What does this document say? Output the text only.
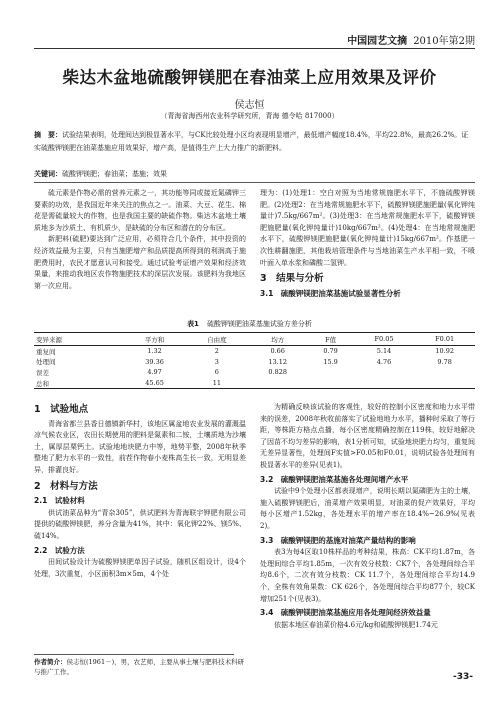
中国园艺文摘 2010年第2期
柴达木盆地硫酸钾镁肥在春油菜上应用效果及评价
侯志恒
（青海省海西州农业科学研究所，青海 德令哈 817000）
摘　要：试验结果表明，处理间达到极显著水平，与CK比较处理小区均表现明显增产，最低增产幅度18.4%，平均22.8%，最高26.2%。证实硫酸钾镁肥在油菜基施应用效果好，增产高，是值得生产上大力推广的新肥料。
关键词：硫酸钾镁肥；春油菜；基施；效果

硫元素是作物必需的营养元素之一，其功能等同或接近氮磷钾三要素的功效，是我国近年来关注的焦点之一。油菜、大豆、花生、棉花是需硫量较大的作物，也是我国主要的缺硫作物。柴达木盆地土壤质地多为沙质土、有机质少，是缺硫的分布区和潜在的分布区。

新肥料(硫肥)要达到广泛应用，必须符合几个条件，其中投资的经济效益最为主要，只有当施肥增产和品质提高所得到的利润高于施肥费用时，农民才愿意认可和接受。通过试验考证增产效果和经济效果量，来推动我地区农作物施肥技术的深层次发展。该肥料为我地区第一次应用。

理为：(1)处理1：空白对照为当地常规施肥水平下，不施硫酸钾镁肥。(2)处理2：在当地常规施肥水平下，硫酸钾镁肥施肥量(氧化钾纯量计)7.5kg/667m²。(3)处理3：在当地常规施肥水平下，硫酸钾镁肥施肥量(氧化钾纯量计)10kg/667m²。(4)处理4：在当地常规施肥水平下，硫酸钾镁肥施肥量(氧化钾纯量计)15kg/667m²。作基肥一次性耕翻施肥，其他栽培管理条件与当地油菜生产水平相一致，不喷叶面入单水浆和磷酸二氢钾。

3　结果与分析
3.1　硫酸钾镁肥油菜基施试验显著性分析
表1 硫酸钾镁肥油菜基施试验方差分析
变异来源	平方和	自由度	均方	F值	F0.05	F0.01
重复间	1.32	2	0.66	0.79	5.14	10.92
处理间	39.36	3	13.12	15.9	4.76	9.78
误差	4.97	6	0.828			
总和	45.65	11				
1　试验地点

青海省都兰县香日德镇新华村，该地区属盆地农业发展的灌溉温凉气候农业区，农田长期使用的肥料是氮素和二铵，土壤质地为沙壤土，属厚层栗钙土。试验地地块肥力中等，地势平整，2008年秋季整地了肥力水平的一致性，前茬作物春小麦株高生长一致，无明显差异，排灌良好。

2　材料与方法
2.1　试验材料

供试油菜品种为“青杂305”，供试肥料为青海联宇钾肥有限公司提供的硫酸钾镁肥，养分含量为41%，其中：氧化钾22%、镁5%、硫14%。

2.2　试验方法

田间试验设计为硫酸钾镁肥单因子试验，随机区组设计，设4个处理，3次重复，小区面积3m×5m，4个处

为精确反映该试验的客观性，较好的控制小区密度和地力水平带来的误差，2008年秋收前落实了试验地地力水平，播种时采取了等行距，等株距方格点点播，每小区密度精确控制在119株，较好地解决了因苗不均匀差异的影响，表1分析可知，试验地块肥力均匀，重复间无差异显著性，处理间F实值>F0.05和F0.01，说明试验各处理间有极显著水平的差异(见表1)。

3.2　硫酸钾镁肥油菜基施各处理间增产水平

试验中9个处理小区都表现增产，说明长期以氮磷肥为主的土壤，施入硫酸钾镁肥后，油菜增产效果明显，对油菜的促产效果好，平均每小区增产1.52kg，各处理水平的增产率在18.4%~26.9%(见表2)。

3.3　硫酸钾镁肥的基施对油菜产量结构的影响

表3为每4区取10株样品的考种结果，株高：CK平均1.87m，各处理间综合平均1.85m，一次有效分枝数：CK7个，各处理间综合平均8.6个，二次有效分枝数：CK 11.7个，各处理间综合平均14.9个，全株有效角果数：CK 626个，各处理间综合平均877个，较CK增加251个(见表3)。

3.4　硫酸钾镁肥油菜基施应用各处理间经济效益量

依据本地区春油菜价格4.6元/kg和硫酸钾镁肥1.74元

作者简介：侯志恒(1961－)，男，农艺师，主要从事土壤与肥料技术科研与推广工作。	-33-
